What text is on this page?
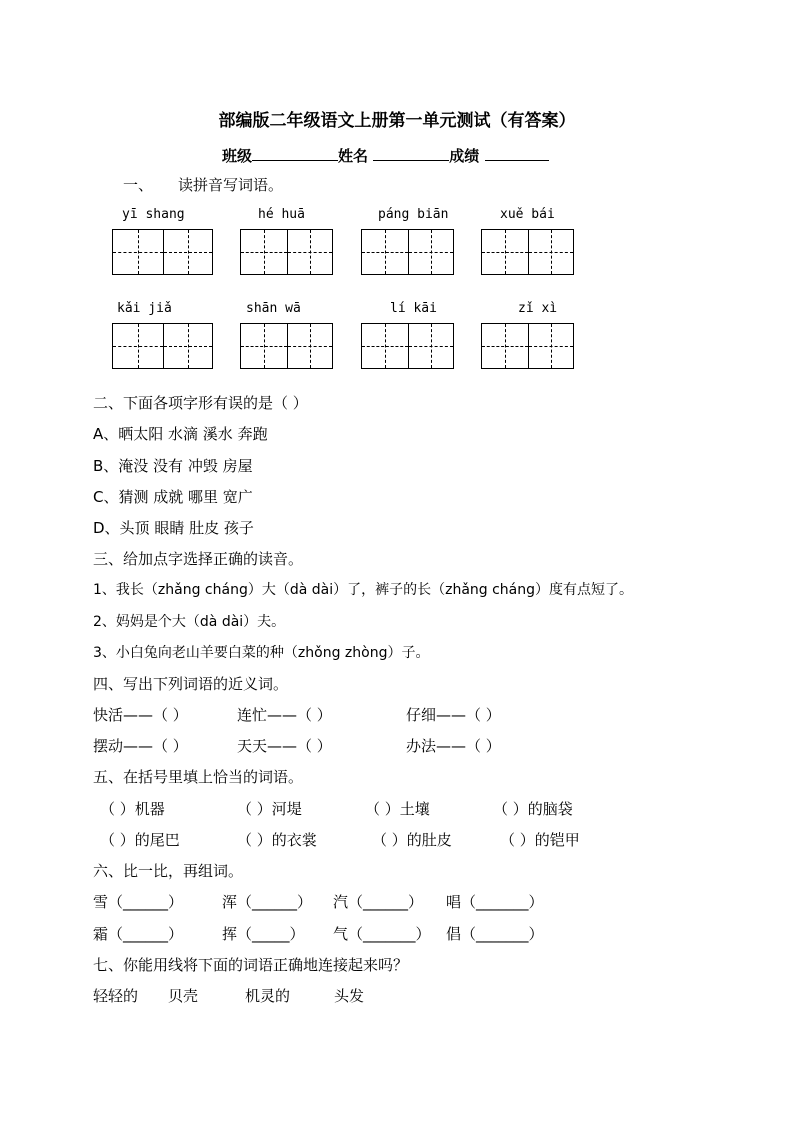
部编版二年级语文上册第一单元测试（有答案）
班级	姓名	成绩
一、 读拼音写词语。
yī shang	hé huā	páng biān	xuě bái
kǎi jiǎ	shān wā	lí kāi	zǐ xì
二、下面各项字形有误的是（ ）
A、晒太阳 水滴 溪水 奔跑
B、淹没 没有 冲毁 房屋
C、猜测 成就 哪里 宽广
D、头顶 眼睛 肚皮 孩子
三、给加点字选择正确的读音。
1、我长（zhǎng cháng）大（dà dài）了，裤子的长（zhǎng cháng）度有点短了。
2、妈妈是个大（dà dài）夫。
3、小白兔向老山羊要白菜的种（zhǒng zhòng）子。
四、写出下列词语的近义词。
快活——（ ）	连忙——（ ）	仔细——（ ）
摆动——（ ）	天天——（ ）	办法——（ ）
五、在括号里填上恰当的词语。
（ ）机器	（ ）河堤	（ ）土壤	（ ）的脑袋
（ ）的尾巴	（ ）的衣裳	（ ）的肚皮	（ ）的铠甲
六、比一比，再组词。
雪（______）	浑（______） 汽（______） 唱（_______）
霜（______）	挥（_____） 气（_______） 倡（_______）
七、你能用线将下面的词语正确地连接起来吗？
轻轻的 贝壳	机灵的	头发
